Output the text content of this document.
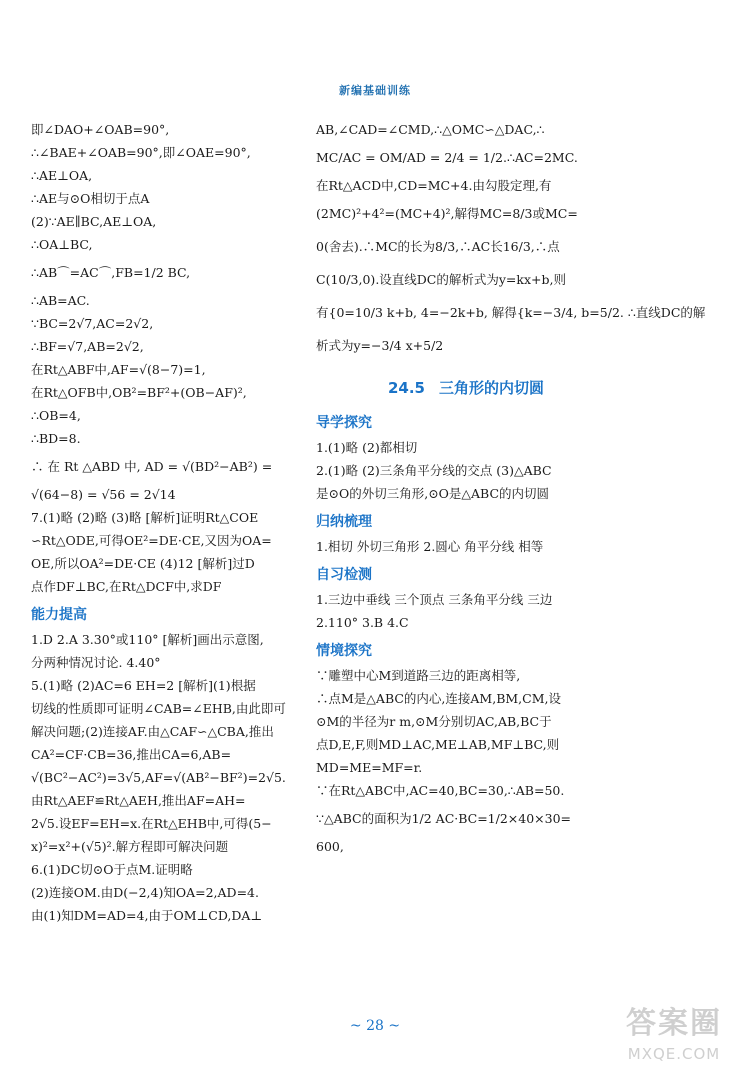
新编基础训练
即∠DAO+∠OAB=90°,
∴∠BAE+∠OAB=90°,即∠OAE=90°,
∴AE⊥OA,
∴AE与⊙O相切于点A
(2)∵AE∥BC,AE⊥OA,
∴OA⊥BC,
∴AB⌒=AC⌒,FB=1/2 BC,
∴AB=AC.
∵BC=2√7,AC=2√2,
∴BF=√7,AB=2√2,
在Rt△ABF中,AF=√(8−7)=1,
在Rt△OFB中,OB²=BF²+(OB−AF)²,
∴OB=4,
∴BD=8.
∴ 在 Rt △ABD 中, AD = √(BD²−AB²) =
√(64−8) = √56 = 2√14
7.(1)略 (2)略 (3)略 [解析]证明Rt△COE
∽Rt△ODE,可得OE²=DE·CE,又因为OA=
OE,所以OA²=DE·CE (4)12 [解析]过D
点作DF⊥BC,在Rt△DCF中,求DF
能力提高
1.D 2.A 3.30°或110° [解析]画出示意图,
分两种情况讨论. 4.40°
5.(1)略 (2)AC=6 EH=2 [解析](1)根据
切线的性质即可证明∠CAB=∠EHB,由此即可
解决问题;(2)连接AF.由△CAF∽△CBA,推出
CA²=CF·CB=36,推出CA=6,AB=
√(BC²−AC²)=3√5,AF=√(AB²−BF²)=2√5.
由Rt△AEF≌Rt△AEH,推出AF=AH=
2√5.设EF=EH=x.在Rt△EHB中,可得(5−
x)²=x²+(√5)².解方程即可解决问题
6.(1)DC切⊙O于点M.证明略
(2)连接OM.由D(−2,4)知OA=2,AD=4.
由(1)知DM=AD=4,由于OM⊥CD,DA⊥
AB,∠CAD=∠CMD,∴△OMC∽△DAC,∴
MC/AC = OM/AD = 2/4 = 1/2.∴AC=2MC.
在Rt△ACD中,CD=MC+4.由勾股定理,有
(2MC)²+4²=(MC+4)²,解得MC=8/3或MC=
0(舍去).∴MC的长为8/3,∴AC长16/3,∴点
C(10/3,0).设直线DC的解析式为y=kx+b,则
有{0=10/3 k+b, 4=−2k+b, 解得{k=−3/4, b=5/2. ∴直线DC的解
析式为y=−3/4 x+5/2
24.5 三角形的内切圆
导学探究
1.(1)略 (2)都相切
2.(1)略 (2)三条角平分线的交点 (3)△ABC
是⊙O的外切三角形,⊙O是△ABC的内切圆
归纳梳理
1.相切 外切三角形 2.圆心 角平分线 相等
自习检测
1.三边中垂线 三个顶点 三条角平分线 三边
2.110° 3.B 4.C
情境探究
∵雕塑中心M到道路三边的距离相等,
∴点M是△ABC的内心,连接AM,BM,CM,设
⊙M的半径为r m,⊙M分别切AC,AB,BC于
点D,E,F,则MD⊥AC,ME⊥AB,MF⊥BC,则
MD=ME=MF=r.
∵在Rt△ABC中,AC=40,BC=30,∴AB=50.
∵△ABC的面积为1/2 AC·BC=1/2×40×30=
600,
~ 28 ~	答案圈
MXQE.COM
